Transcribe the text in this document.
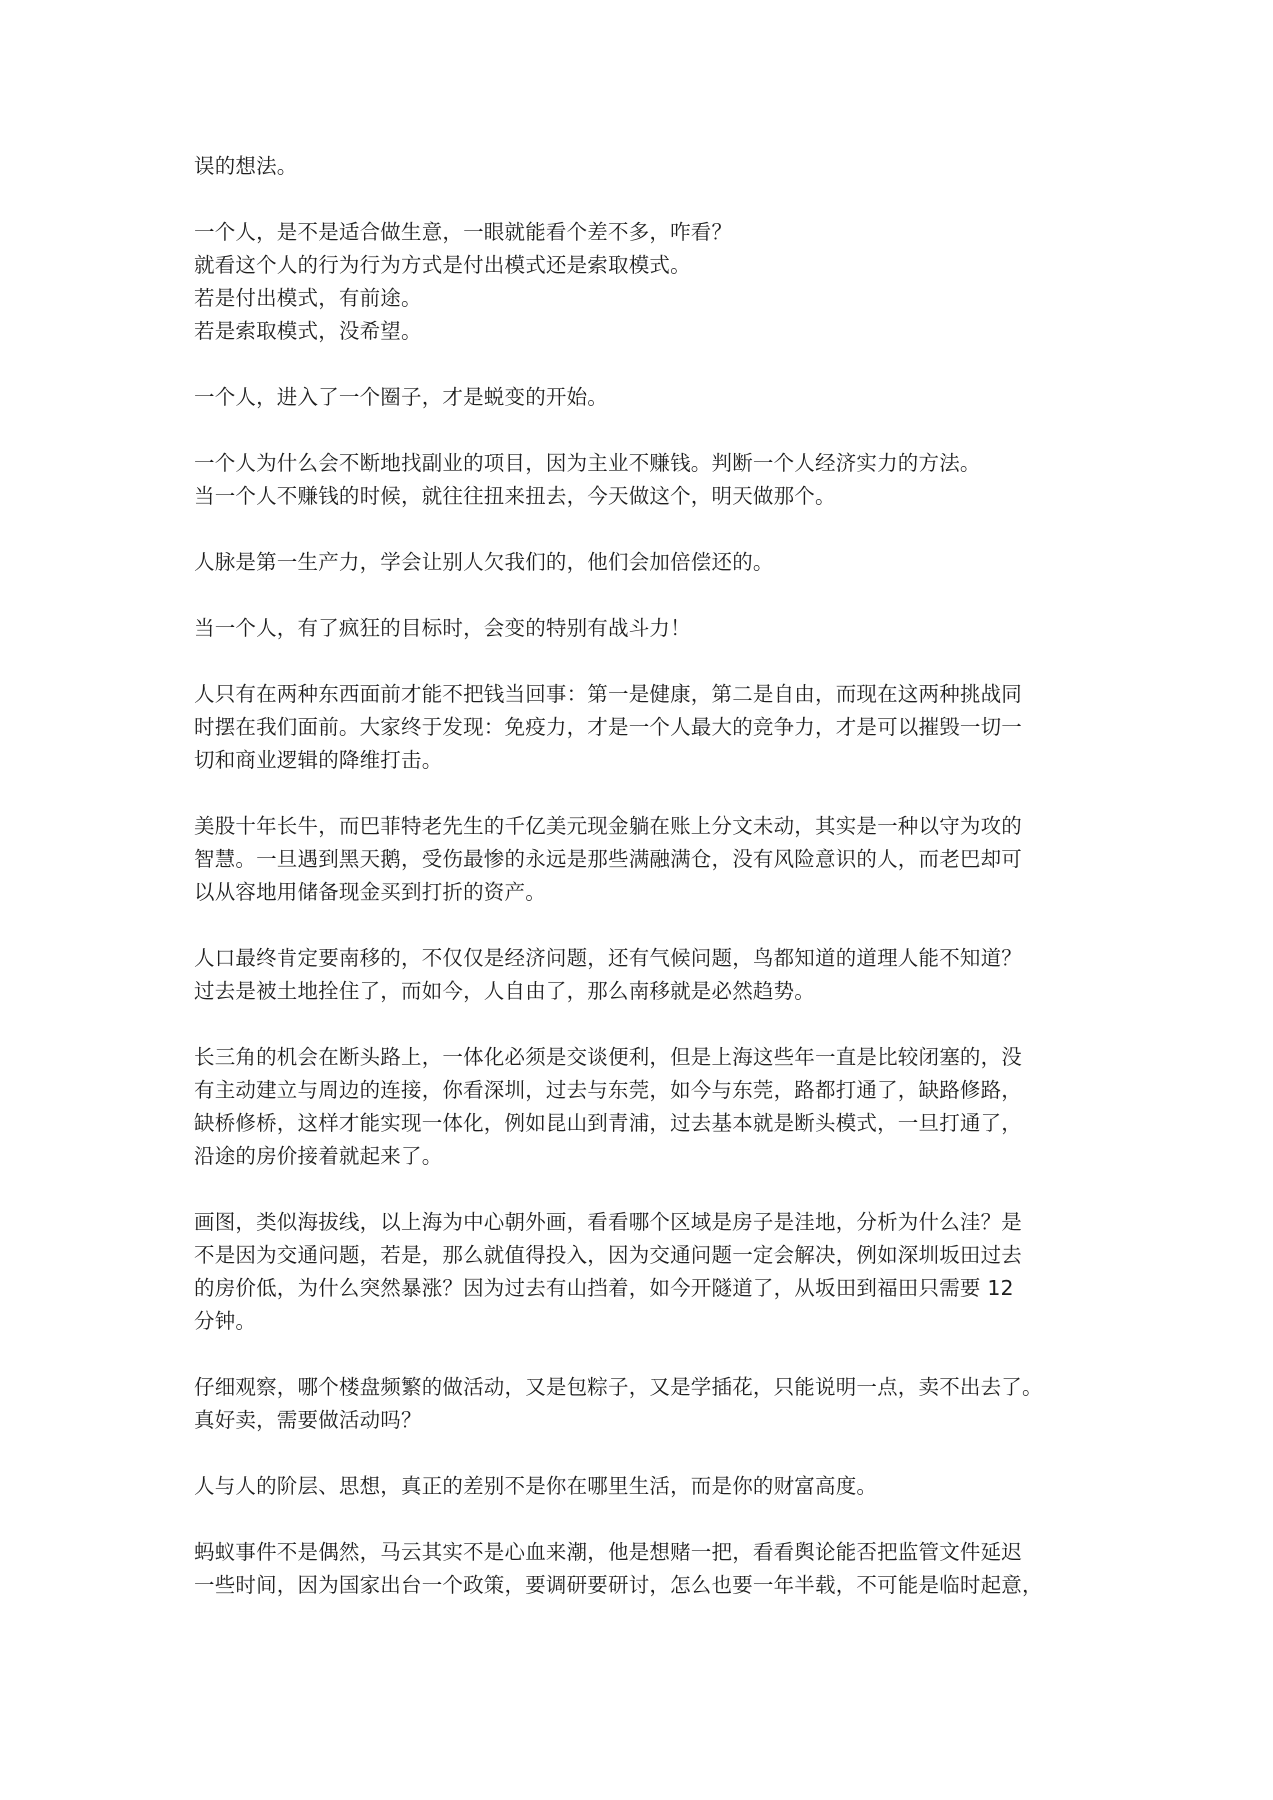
误的想法。
一个人，是不是适合做生意，一眼就能看个差不多，咋看？
就看这个人的行为行为方式是付出模式还是索取模式。
若是付出模式，有前途。
若是索取模式，没希望。
一个人，进入了一个圈子，才是蜕变的开始。
一个人为什么会不断地找副业的项目，因为主业不赚钱。判断一个人经济实力的方法。
当一个人不赚钱的时候，就往往扭来扭去，今天做这个，明天做那个。
人脉是第一生产力，学会让别人欠我们的，他们会加倍偿还的。
当一个人，有了疯狂的目标时，会变的特别有战斗力！
人只有在两种东西面前才能不把钱当回事：第一是健康，第二是自由，而现在这两种挑战同
时摆在我们面前。大家终于发现：免疫力，才是一个人最大的竞争力，才是可以摧毁一切一
切和商业逻辑的降维打击。
美股十年长牛，而巴菲特老先生的千亿美元现金躺在账上分文未动，其实是一种以守为攻的
智慧。一旦遇到黑天鹅，受伤最惨的永远是那些满融满仓，没有风险意识的人，而老巴却可
以从容地用储备现金买到打折的资产。
人口最终肯定要南移的，不仅仅是经济问题，还有气候问题，鸟都知道的道理人能不知道？
过去是被土地拴住了，而如今，人自由了，那么南移就是必然趋势。
长三角的机会在断头路上，一体化必须是交谈便利，但是上海这些年一直是比较闭塞的，没
有主动建立与周边的连接，你看深圳，过去与东莞，如今与东莞，路都打通了，缺路修路，
缺桥修桥，这样才能实现一体化，例如昆山到青浦，过去基本就是断头模式，一旦打通了，
沿途的房价接着就起来了。
画图，类似海拔线，以上海为中心朝外画，看看哪个区域是房子是洼地，分析为什么洼？是
不是因为交通问题，若是，那么就值得投入，因为交通问题一定会解决，例如深圳坂田过去
的房价低，为什么突然暴涨？因为过去有山挡着，如今开隧道了，从坂田到福田只需要 12
分钟。
仔细观察，哪个楼盘频繁的做活动，又是包粽子，又是学插花，只能说明一点，卖不出去了。
真好卖，需要做活动吗？
人与人的阶层、思想，真正的差别不是你在哪里生活，而是你的财富高度。
蚂蚁事件不是偶然，马云其实不是心血来潮，他是想赌一把，看看舆论能否把监管文件延迟
一些时间，因为国家出台一个政策，要调研要研讨，怎么也要一年半载，不可能是临时起意，
